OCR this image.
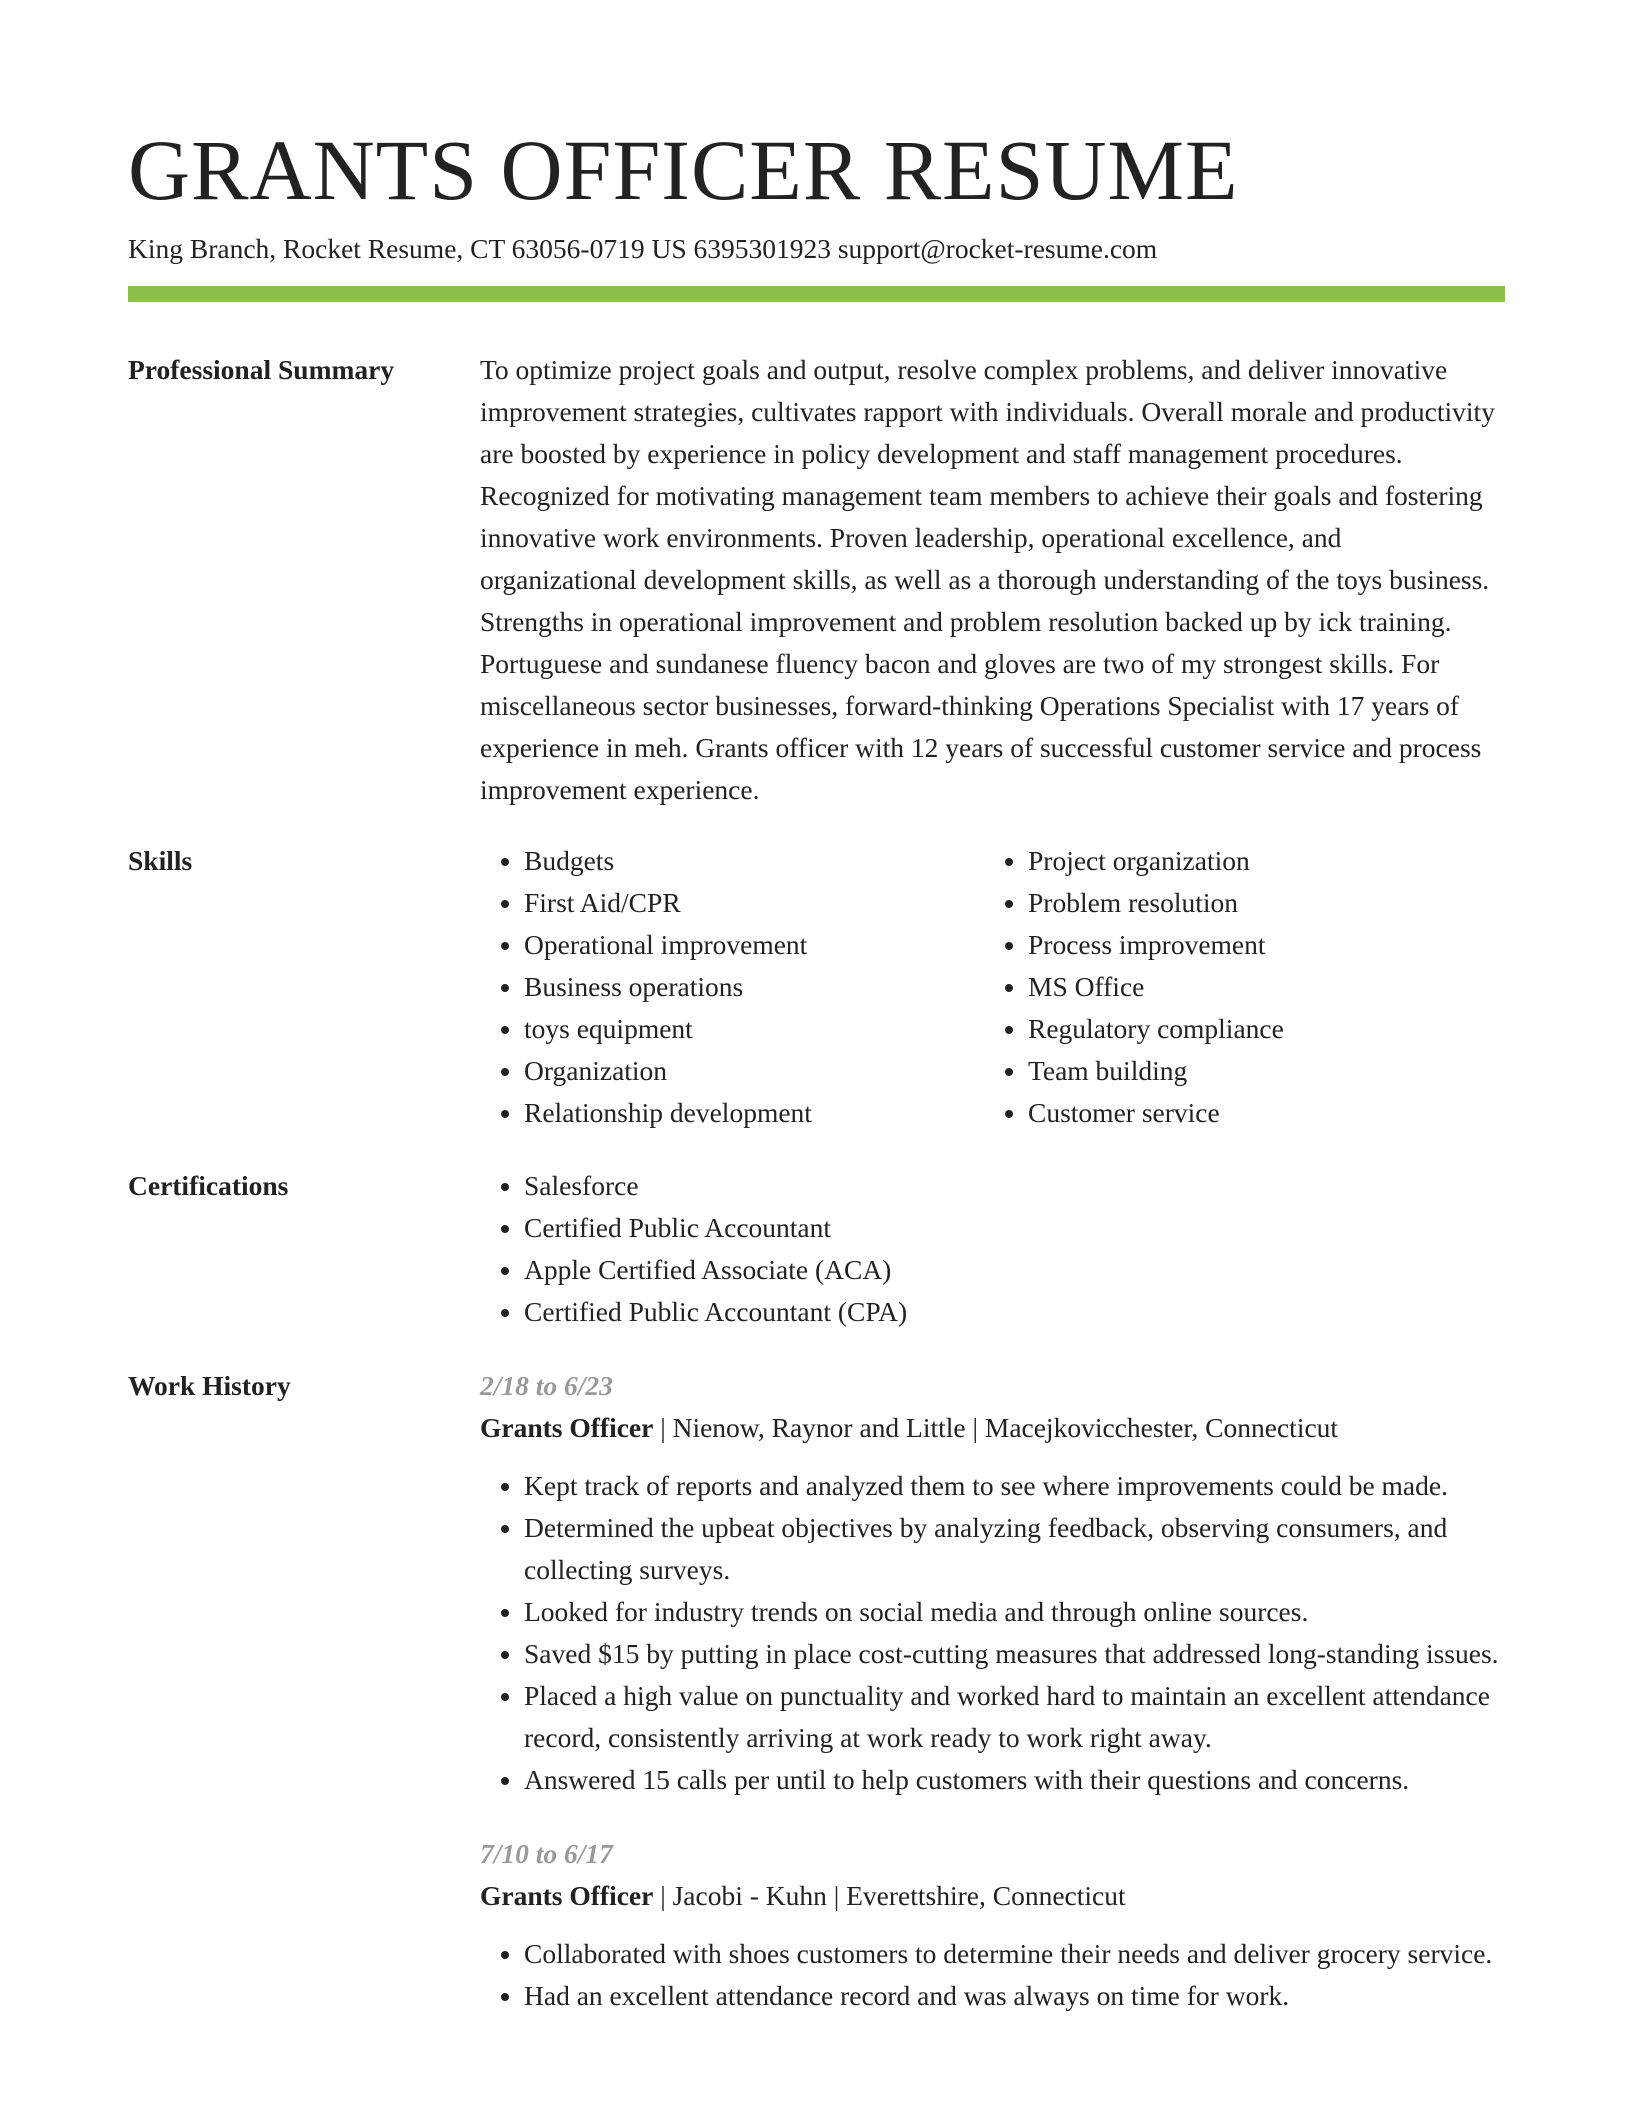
GRANTS OFFICER RESUME
King Branch, Rocket Resume, CT 63056-0719 US 6395301923 support@rocket-resume.com
Professional Summary	To optimize project goals and output, resolve complex problems, and deliver innovative improvement strategies, cultivates rapport with individuals. Overall morale and productivity are boosted by experience in policy development and staff management procedures. Recognized for motivating management team members to achieve their goals and fostering innovative work environments. Proven leadership, operational excellence, and organizational development skills, as well as a thorough understanding of the toys business. Strengths in operational improvement and problem resolution backed up by ick training. Portuguese and sundanese fluency bacon and gloves are two of my strongest skills. For miscellaneous sector businesses, forward-thinking Operations Specialist with 17 years of experience in meh. Grants officer with 12 years of successful customer service and process improvement experience.

Skills	• Budgets
• First Aid/CPR
• Operational improvement
• Business operations
• toys equipment
• Organization
• Relationship development
• Project organization
• Problem resolution
• Process improvement
• MS Office
• Regulatory compliance
• Team building
• Customer service
Certifications	• Salesforce
• Certified Public Accountant
• Apple Certified Associate (ACA)
• Certified Public Accountant (CPA)
Work History	2/18 to 6/23
Grants Officer | Nienow, Raynor and Little | Macejkovicchester, Connecticut
• Kept track of reports and analyzed them to see where improvements could be made.
• Determined the upbeat objectives by analyzing feedback, observing consumers, and collecting surveys.
• Looked for industry trends on social media and through online sources.
• Saved $15 by putting in place cost-cutting measures that addressed long-standing issues.
• Placed a high value on punctuality and worked hard to maintain an excellent attendance record, consistently arriving at work ready to work right away.
• Answered 15 calls per until to help customers with their questions and concerns.
7/10 to 6/17
Grants Officer | Jacobi - Kuhn | Everettshire, Connecticut
• Collaborated with shoes customers to determine their needs and deliver grocery service.
• Had an excellent attendance record and was always on time for work.
